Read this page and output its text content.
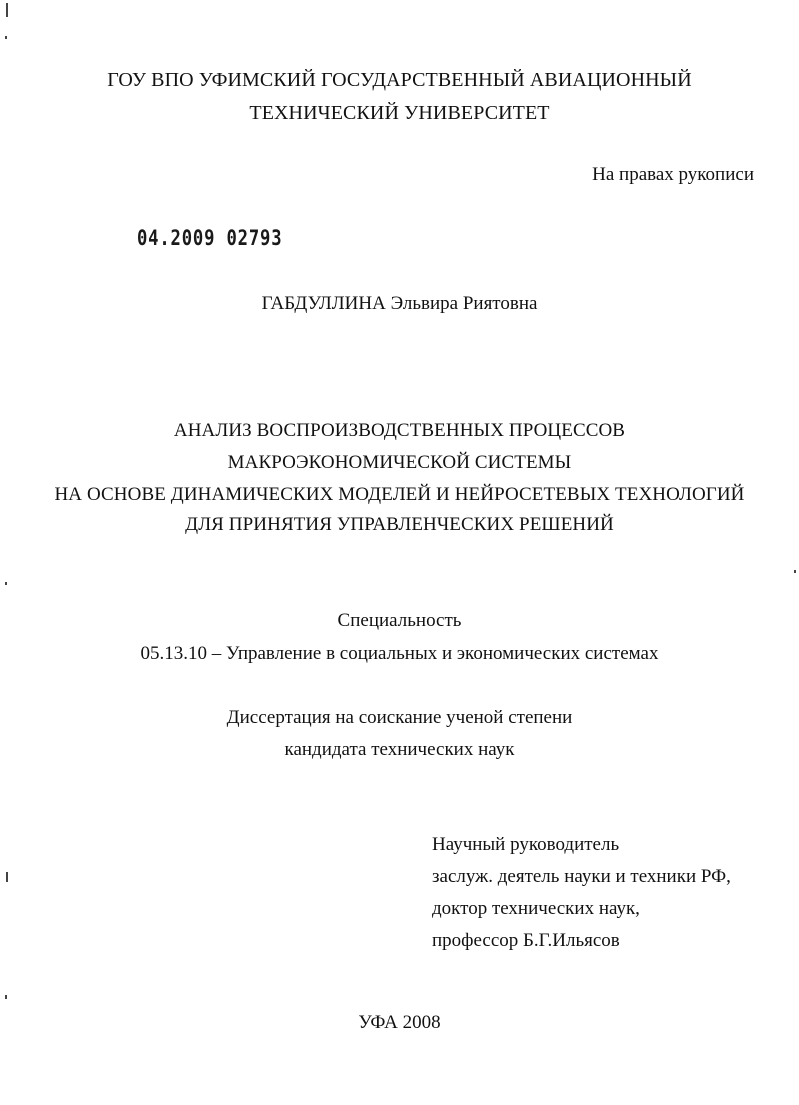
ГОУ ВПО УФИМСКИЙ ГОСУДАРСТВЕННЫЙ АВИАЦИОННЫЙ
ТЕХНИЧЕСКИЙ УНИВЕРСИТЕТ
На правах рукописи
04.2009 02793
ГАБДУЛЛИНА Эльвира Риятовна
АНАЛИЗ ВОСПРОИЗВОДСТВЕННЫХ ПРОЦЕССОВ
МАКРОЭКОНОМИЧЕСКОЙ СИСТЕМЫ
НА ОСНОВЕ ДИНАМИЧЕСКИХ МОДЕЛЕЙ И НЕЙРОСЕТЕВЫХ ТЕХНОЛОГИЙ
ДЛЯ ПРИНЯТИЯ УПРАВЛЕНЧЕСКИХ РЕШЕНИЙ
Специальность
05.13.10 – Управление в социальных и экономических системах
Диссертация на соискание ученой степени
кандидата технических наук
Научный руководитель
заслуж. деятель науки и техники РФ,
доктор технических наук,
профессор Б.Г.Ильясов
УФА 2008
